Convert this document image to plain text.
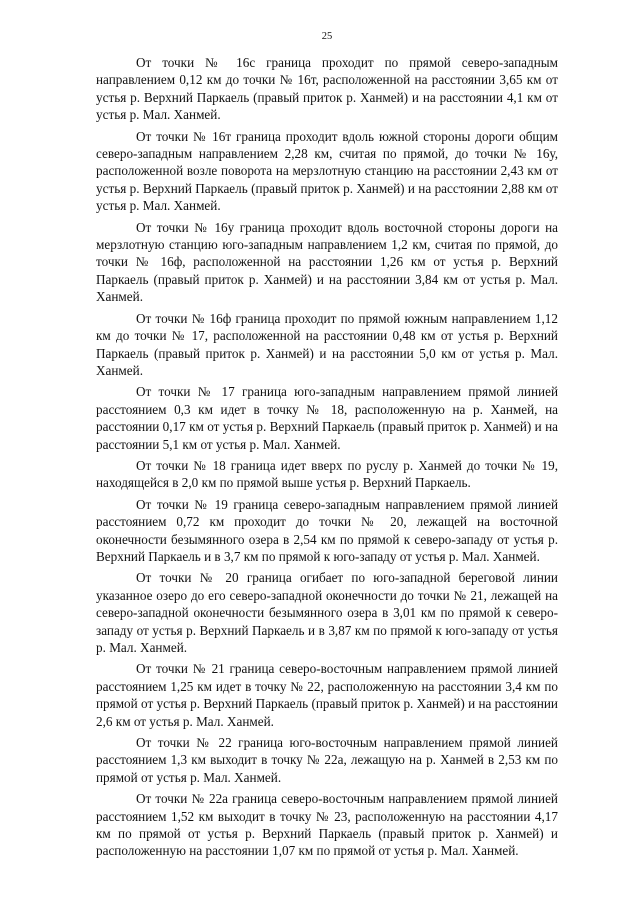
25

От точки № 16с граница проходит по прямой северо-западным направлением 0,12 км до точки № 16т, расположенной на расстоянии 3,65 км от устья р. Верхний Паркаель (правый приток р. Ханмей) и на расстоянии 4,1 км от устья р. Мал. Ханмей.

От точки № 16т граница проходит вдоль южной стороны дороги общим северо-западным направлением 2,28 км, считая по прямой, до точки № 16у, расположенной возле поворота на мерзлотную станцию на расстоянии 2,43 км от устья р. Верхний Паркаель (правый приток р. Ханмей) и на расстоянии 2,88 км от устья р. Мал. Ханмей.

От точки № 16у граница проходит вдоль восточной стороны дороги на мерзлотную станцию юго-западным направлением 1,2 км, считая по прямой, до точки № 16ф, расположенной на расстоянии 1,26 км от устья р. Верхний Паркаель (правый приток р. Ханмей) и на расстоянии 3,84 км от устья р. Мал. Ханмей.

От точки № 16ф граница проходит по прямой южным направлением 1,12 км до точки № 17, расположенной на расстоянии 0,48 км от устья р. Верхний Паркаель (правый приток р. Ханмей) и на расстоянии 5,0 км от устья р. Мал. Ханмей.

От точки № 17 граница юго-западным направлением прямой линией расстоянием 0,3 км идет в точку № 18, расположенную на р. Ханмей, на расстоянии 0,17 км от устья р. Верхний Паркаель (правый приток р. Ханмей) и на расстоянии 5,1 км от устья р. Мал. Ханмей.

От точки № 18 граница идет вверх по руслу р. Ханмей до точки № 19, находящейся в 2,0 км по прямой выше устья р. Верхний Паркаель.

От точки № 19 граница северо-западным направлением прямой линией расстоянием 0,72 км проходит до точки № 20, лежащей на восточной оконечности безымянного озера в 2,54 км по прямой к северо-западу от устья р. Верхний Паркаель и в 3,7 км по прямой к юго-западу от устья р. Мал. Ханмей.

От точки № 20 граница огибает по юго-западной береговой линии указанное озеро до его северо-западной оконечности до точки № 21, лежащей на северо-западной оконечности безымянного озера в 3,01 км по прямой к северо-западу от устья р. Верхний Паркаель и в 3,87 км по прямой к юго-западу от устья р. Мал. Ханмей.

От точки № 21 граница северо-восточным направлением прямой линией расстоянием 1,25 км идет в точку № 22, расположенную на расстоянии 3,4 км по прямой от устья р. Верхний Паркаель (правый приток р. Ханмей) и на расстоянии 2,6 км от устья р. Мал. Ханмей.

От точки № 22 граница юго-восточным направлением прямой линией расстоянием 1,3 км выходит в точку № 22а, лежащую на р. Ханмей в 2,53 км по прямой от устья р. Мал. Ханмей.

От точки № 22а граница северо-восточным направлением прямой линией расстоянием 1,52 км выходит в точку № 23, расположенную на расстоянии 4,17 км по прямой от устья р. Верхний Паркаель (правый приток р. Ханмей) и расположенную на расстоянии 1,07 км по прямой от устья р. Мал. Ханмей.
